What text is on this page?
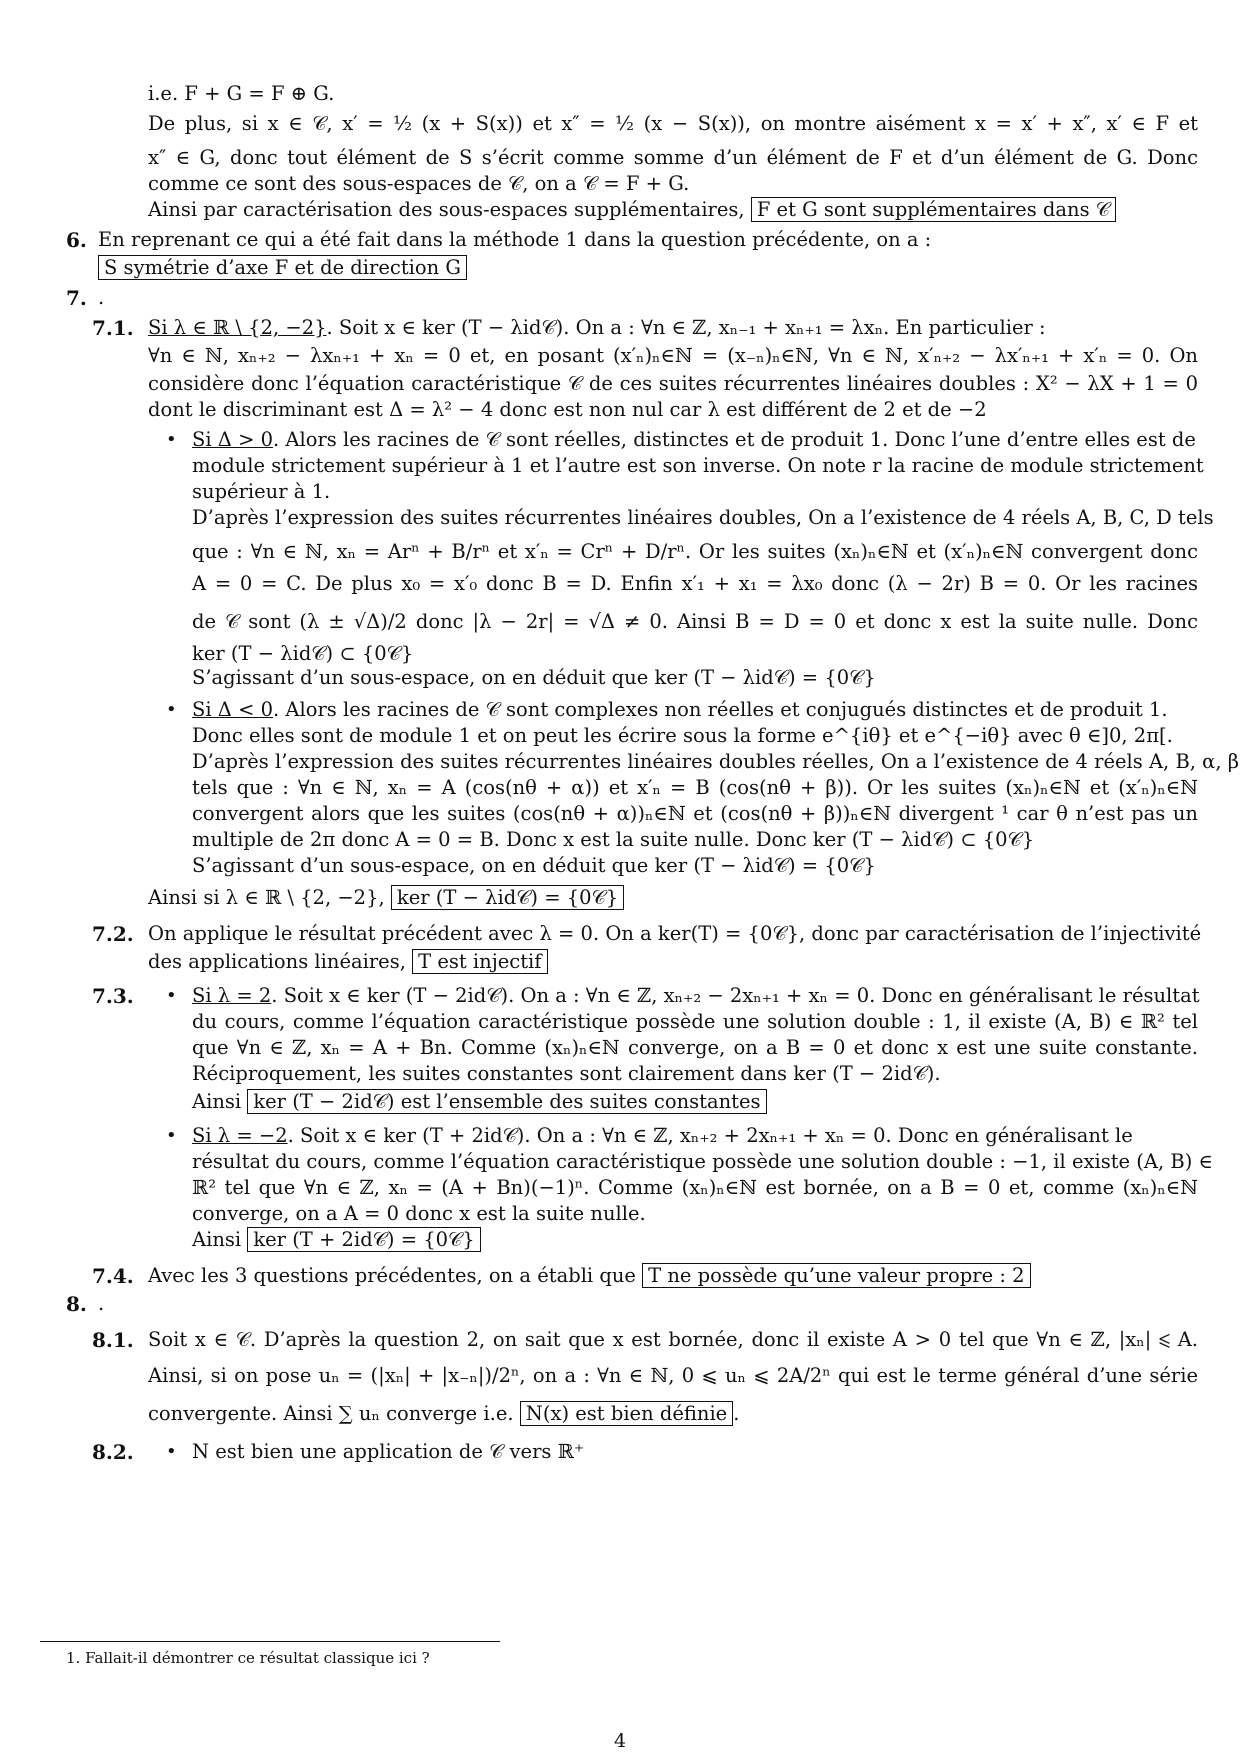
i.e. F + G = F ⊕ G.
De plus, si x ∈ 𝒞, x′ = ½ (x + S(x)) et x″ = ½ (x − S(x)), on montre aisément x = x′ + x″, x′ ∈ F et
x″ ∈ G, donc tout élément de S s’écrit comme somme d’un élément de F et d’un élément de G. Donc
comme ce sont des sous-espaces de 𝒞, on a 𝒞 = F + G.
Ainsi par caractérisation des sous-espaces supplémentaires, F et G sont supplémentaires dans 𝒞
6. En reprenant ce qui a été fait dans la méthode 1 dans la question précédente, on a :
S symétrie d’axe F et de direction G
7. .
7.1. Si λ ∈ ℝ \ {2, −2}. Soit x ∈ ker (T − λid𝒞). On a : ∀n ∈ ℤ, xₙ₋₁ + xₙ₊₁ = λxₙ. En particulier :
∀n ∈ ℕ, xₙ₊₂ − λxₙ₊₁ + xₙ = 0 et, en posant (x′ₙ)ₙ∈ℕ = (x₋ₙ)ₙ∈ℕ, ∀n ∈ ℕ, x′ₙ₊₂ − λx′ₙ₊₁ + x′ₙ = 0. On
considère donc l’équation caractéristique 𝒞 de ces suites récurrentes linéaires doubles : X² − λX + 1 = 0
dont le discriminant est Δ = λ² − 4 donc est non nul car λ est différent de 2 et de −2
• Si Δ > 0. Alors les racines de 𝒞 sont réelles, distinctes et de produit 1. Donc l’une d’entre elles est de
module strictement supérieur à 1 et l’autre est son inverse. On note r la racine de module strictement
supérieur à 1.
D’après l’expression des suites récurrentes linéaires doubles, On a l’existence de 4 réels A, B, C, D tels
que : ∀n ∈ ℕ, xₙ = Arⁿ + B/rⁿ et x′ₙ = Crⁿ + D/rⁿ. Or les suites (xₙ)ₙ∈ℕ et (x′ₙ)ₙ∈ℕ convergent donc
A = 0 = C. De plus x₀ = x′₀ donc B = D. Enfin x′₁ + x₁ = λx₀ donc (λ − 2r) B = 0. Or les racines
de 𝒞 sont (λ ± √Δ)/2 donc |λ − 2r| = √Δ ≠ 0. Ainsi B = D = 0 et donc x est la suite nulle. Donc
ker (T − λid𝒞) ⊂ {0𝒞}
S’agissant d’un sous-espace, on en déduit que ker (T − λid𝒞) = {0𝒞}
• Si Δ < 0. Alors les racines de 𝒞 sont complexes non réelles et conjugués distinctes et de produit 1.
Donc elles sont de module 1 et on peut les écrire sous la forme e^{iθ} et e^{−iθ} avec θ ∈]0, 2π[.
D’après l’expression des suites récurrentes linéaires doubles réelles, On a l’existence de 4 réels A, B, α, β
tels que : ∀n ∈ ℕ, xₙ = A (cos(nθ + α)) et x′ₙ = B (cos(nθ + β)). Or les suites (xₙ)ₙ∈ℕ et (x′ₙ)ₙ∈ℕ
convergent alors que les suites (cos(nθ + α))ₙ∈ℕ et (cos(nθ + β))ₙ∈ℕ divergent ¹ car θ n’est pas un
multiple de 2π donc A = 0 = B. Donc x est la suite nulle. Donc ker (T − λid𝒞) ⊂ {0𝒞}
S’agissant d’un sous-espace, on en déduit que ker (T − λid𝒞) = {0𝒞}
Ainsi si λ ∈ ℝ \ {2, −2}, ker (T − λid𝒞) = {0𝒞}
7.2. On applique le résultat précédent avec λ = 0. On a ker(T) = {0𝒞}, donc par caractérisation de l’injectivité
des applications linéaires, T est injectif
7.3. • Si λ = 2. Soit x ∈ ker (T − 2id𝒞). On a : ∀n ∈ ℤ, xₙ₊₂ − 2xₙ₊₁ + xₙ = 0. Donc en généralisant le résultat
du cours, comme l’équation caractéristique possède une solution double : 1, il existe (A, B) ∈ ℝ² tel
que ∀n ∈ ℤ, xₙ = A + Bn. Comme (xₙ)ₙ∈ℕ converge, on a B = 0 et donc x est une suite constante.
Réciproquement, les suites constantes sont clairement dans ker (T − 2id𝒞).
Ainsi ker (T − 2id𝒞) est l’ensemble des suites constantes
• Si λ = −2. Soit x ∈ ker (T + 2id𝒞). On a : ∀n ∈ ℤ, xₙ₊₂ + 2xₙ₊₁ + xₙ = 0. Donc en généralisant le
résultat du cours, comme l’équation caractéristique possède une solution double : −1, il existe (A, B) ∈
ℝ² tel que ∀n ∈ ℤ, xₙ = (A + Bn)(−1)ⁿ. Comme (xₙ)ₙ∈ℕ est bornée, on a B = 0 et, comme (xₙ)ₙ∈ℕ
converge, on a A = 0 donc x est la suite nulle.
Ainsi ker (T + 2id𝒞) = {0𝒞}
7.4. Avec les 3 questions précédentes, on a établi que T ne possède qu’une valeur propre : 2
8. .
8.1. Soit x ∈ 𝒞. D’après la question 2, on sait que x est bornée, donc il existe A > 0 tel que ∀n ∈ ℤ, |xₙ| ⩽ A.
Ainsi, si on pose uₙ = (|xₙ| + |x₋ₙ|)/2ⁿ, on a : ∀n ∈ ℕ, 0 ⩽ uₙ ⩽ 2A/2ⁿ qui est le terme général d’une série
convergente. Ainsi ∑ uₙ converge i.e. N(x) est bien définie .
8.2. • N est bien une application de 𝒞 vers ℝ⁺
1. Fallait-il démontrer ce résultat classique ici ?
4
